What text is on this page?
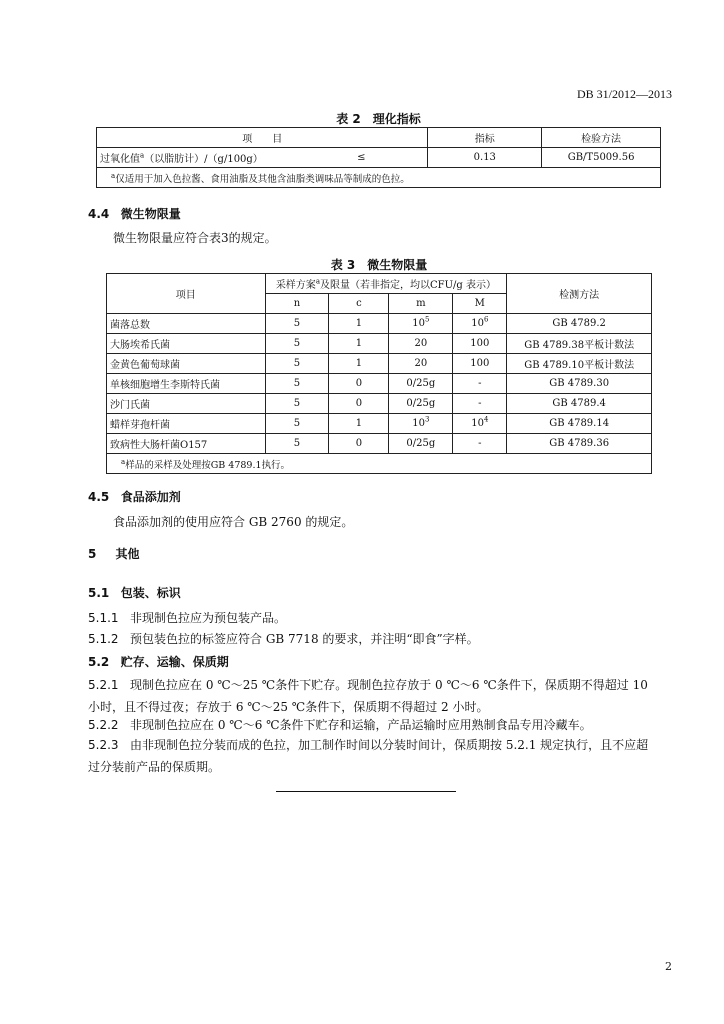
DB 31/2012—2013
表 2　理化指标
项　　目		指标	检验方法
过氧化值$^a$（以脂肪计）/（g/100g）	≤	0.13	GB/T5009.56
$^a$仅适用于加入色拉酱、食用油脂及其他含油脂类调味品等制成的色拉。			
4.4 微生物限量
微生物限量应符合表3的规定。
表 3　微生物限量
项目	采样方案$^a$及限量（若非指定，均以CFU/g 表示）				检测方法
	n	c	m	M	
菌落总数	5	1	$10^5$	$10^6$	GB 4789.2
大肠埃希氏菌	5	1	20	100	GB 4789.38平板计数法
金黄色葡萄球菌	5	1	20	100	GB 4789.10平板计数法
单核细胞增生李斯特氏菌	5	0	0/25g	-	GB 4789.30
沙门氏菌	5	0	0/25g	-	GB 4789.4
蜡样芽孢杆菌	5	1	$10^3$	$10^4$	GB 4789.14
致病性大肠杆菌O157	5	0	0/25g	-	GB 4789.36
$^a$样品的采样及处理按GB 4789.1执行。					
4.5 食品添加剂
食品添加剂的使用应符合 GB 2760 的规定。
5 其他
5.1 包装、标识
5.1.1 非现制色拉应为预包装产品。
5.1.2 预包装色拉的标签应符合 GB 7718 的要求，并注明“即食”字样。
5.2 贮存、运输、保质期
5.2.1 现制色拉应在 0 ℃～25 ℃条件下贮存。现制色拉存放于 0 ℃～6 ℃条件下，保质期不得超过 10
小时，且不得过夜；存放于 6 ℃～25 ℃条件下，保质期不得超过 2 小时。
5.2.2 非现制色拉应在 0 ℃～6 ℃条件下贮存和运输，产品运输时应用熟制食品专用冷藏车。
5.2.3 由非现制色拉分装而成的色拉，加工制作时间以分装时间计，保质期按 5.2.1 规定执行，且不应超
过分装前产品的保质期。
2
